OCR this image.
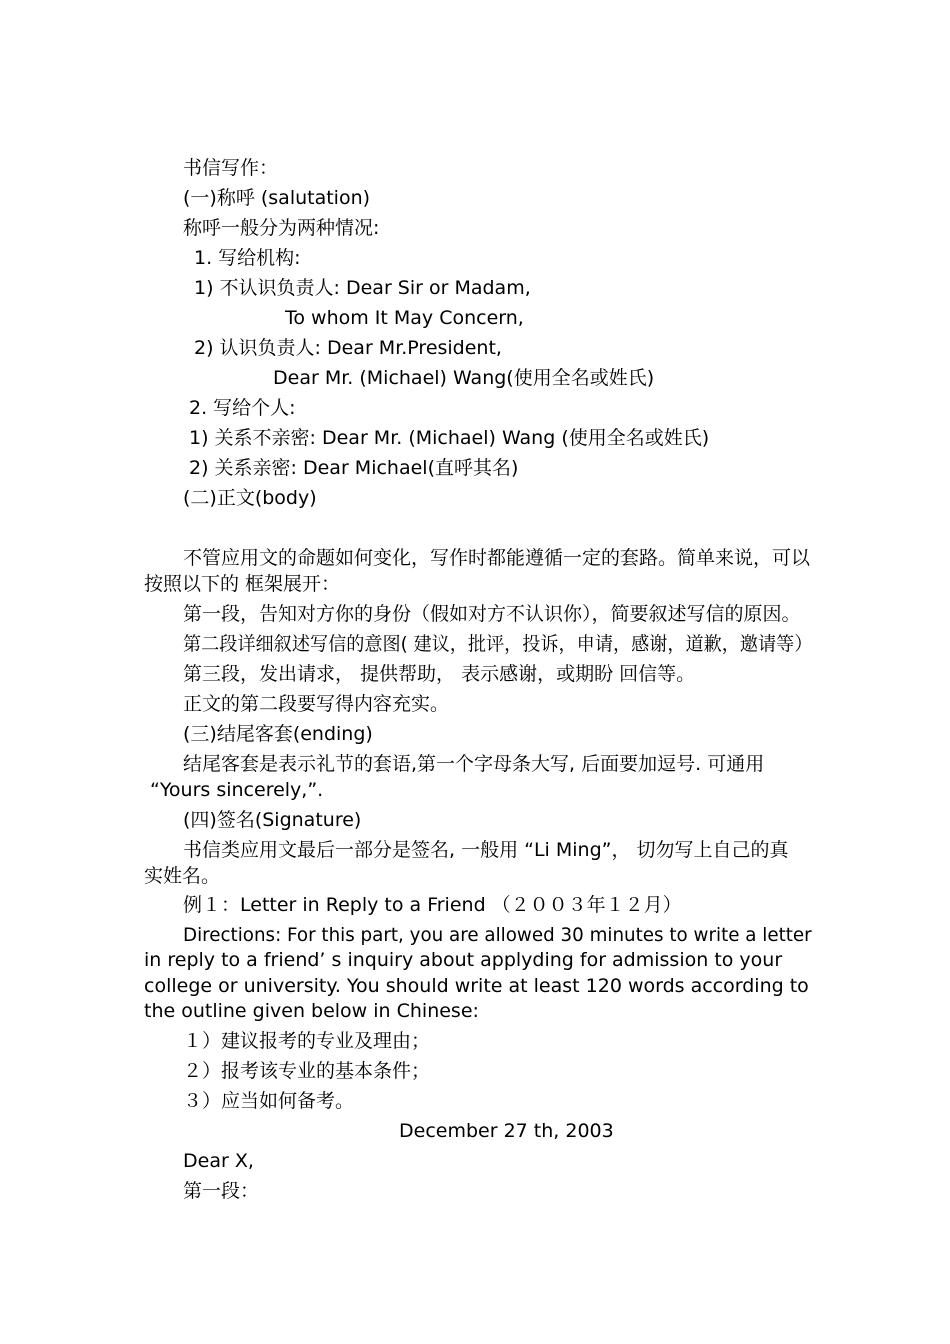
书信写作：
(一)称呼 (salutation)
称呼一般分为两种情况:
1. 写给机构:
1) 不认识负责人: Dear Sir or Madam,
To whom It May Concern,
2) 认识负责人: Dear Mr.President,
Dear Mr. (Michael) Wang(使用全名或姓氏)
2. 写给个人:
1) 关系不亲密: Dear Mr. (Michael) Wang (使用全名或姓氏)
2) 关系亲密: Dear Michael(直呼其名)
(二)正文(body)
不管应用文的命题如何变化，写作时都能遵循一定的套路。简单来说，可以
按照以下的 框架展开：
第一段，告知对方你的身份（假如对方不认识你），简要叙述写信的原因。
第二段详细叙述写信的意图( 建议，批评，投诉，申请，感谢，道歉，邀请等）
第三段，发出请求， 提供帮助， 表示感谢，或期盼 回信等。
正文的第二段要写得内容充实。
(三)结尾客套(ending)
结尾客套是表示礼节的套语,第一个字母条大写, 后面要加逗号. 可通用
“Yours sincerely,”.
(四)签名(Signature)
书信类应用文最后一部分是签名, 一般用 “Li Ming”， 切勿写上自己的真
实姓名。
例１：Letter in Reply to a Friend （２００３年１２月）
Directions: For this part, you are allowed 30 minutes to write a letter
in reply to a friend’ s inquiry about applyding for admission to your
college or university. You should write at least 120 words according to
the outline given below in Chinese:
１）建议报考的专业及理由；
２）报考该专业的基本条件；
３）应当如何备考。
December 27 th, 2003
Dear X,
第一段：
